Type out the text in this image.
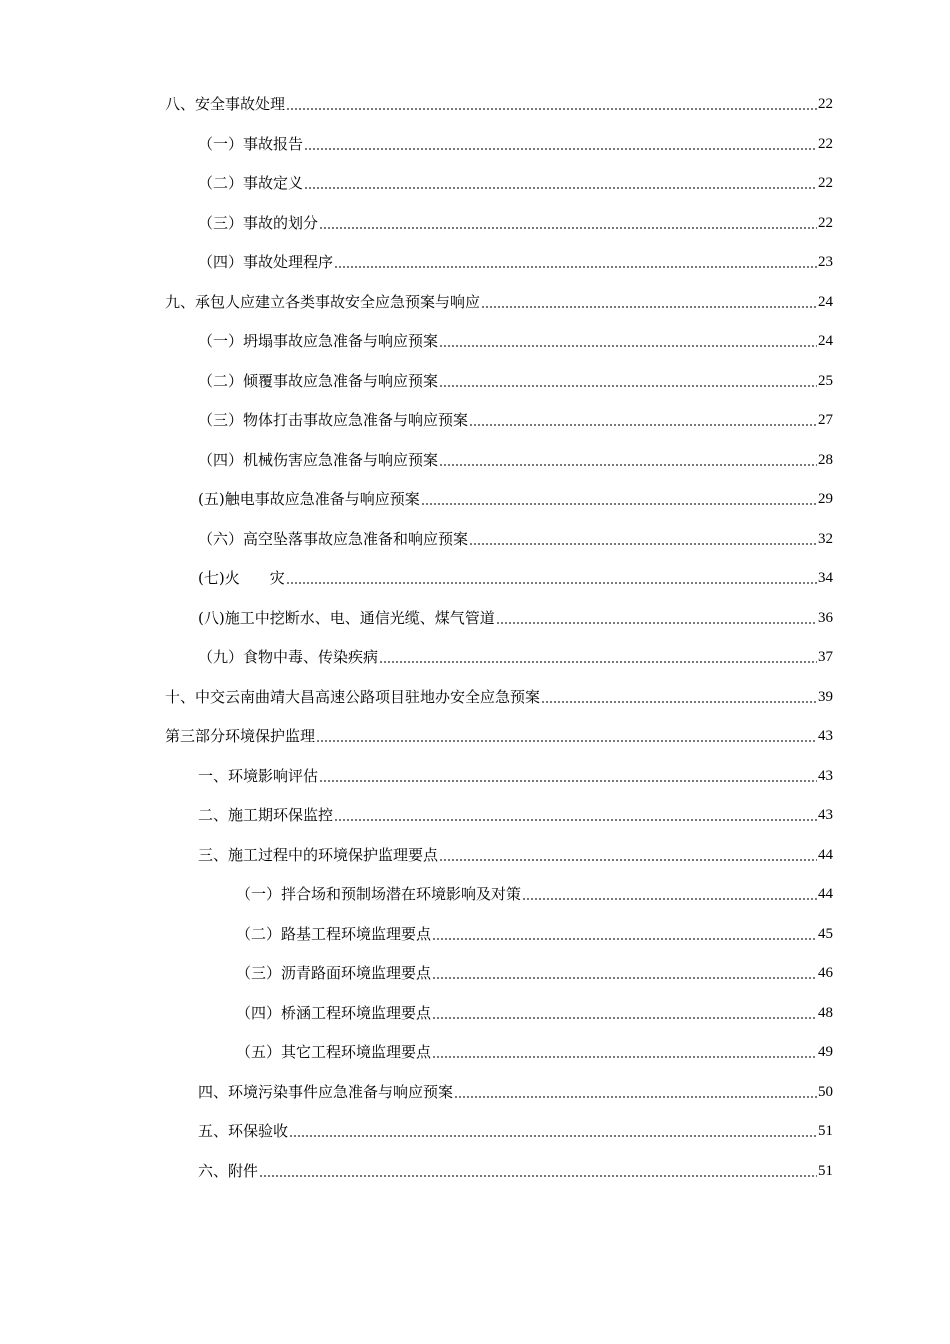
八、安全事故处理	22
（一）事故报告	22
（二）事故定义	22
（三）事故的划分	22
（四）事故处理程序	23
九、承包人应建立各类事故安全应急预案与响应	24
（一）坍塌事故应急准备与响应预案	24
（二）倾覆事故应急准备与响应预案	25
（三）物体打击事故应急准备与响应预案	27
（四）机械伤害应急准备与响应预案	28
(五)触电事故应急准备与响应预案	29
（六）高空坠落事故应急准备和响应预案	32
(七)火　　灾	34
(八)施工中挖断水、电、通信光缆、煤气管道	36
（九）食物中毒、传染疾病	37
十、中交云南曲靖大昌高速公路项目驻地办安全应急预案	39
第三部分环境保护监理	43
一、环境影响评估	43
二、施工期环保监控	43
三、施工过程中的环境保护监理要点	44
（一）拌合场和预制场潜在环境影响及对策	44
（二）路基工程环境监理要点	45
（三）沥青路面环境监理要点	46
（四）桥涵工程环境监理要点	48
（五）其它工程环境监理要点	49
四、环境污染事件应急准备与响应预案	50
五、环保验收	51
六、附件	51
